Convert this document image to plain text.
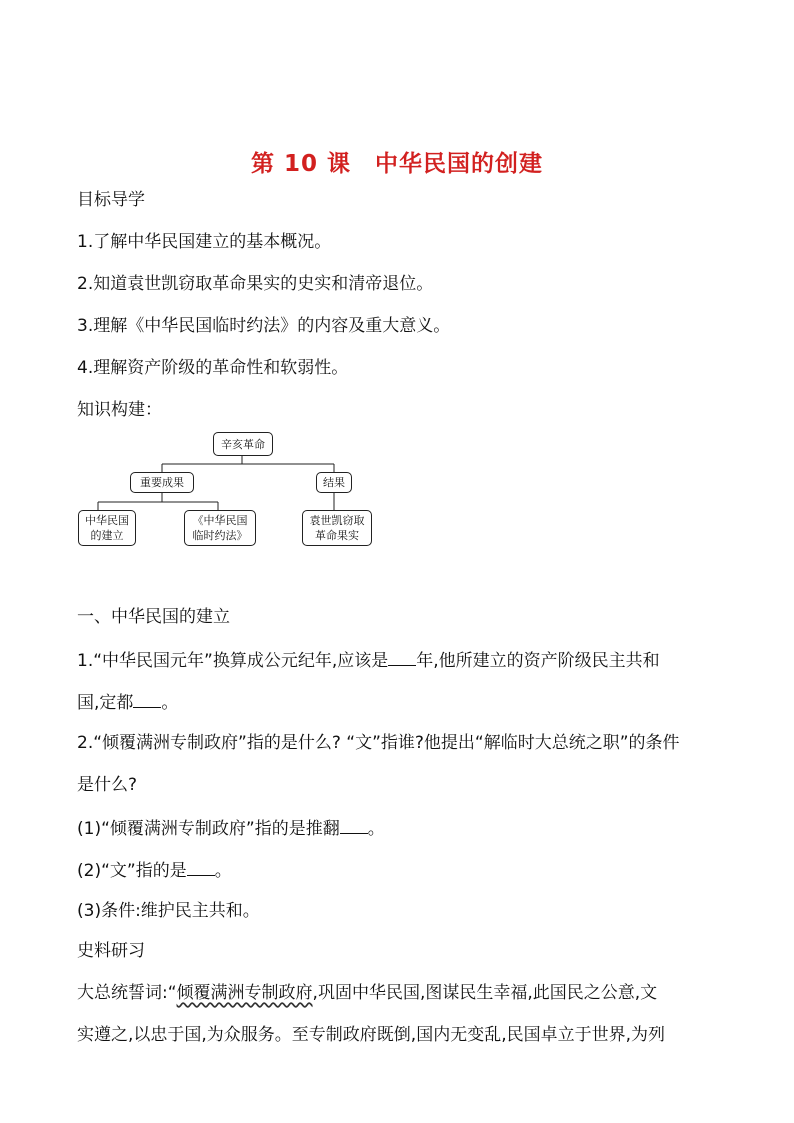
第 10 课　中华民国的创建
目标导学
1.了解中华民国建立的基本概况。
2.知道袁世凯窃取革命果实的史实和清帝退位。
3.理解《中华民国临时约法》的内容及重大意义。
4.理解资产阶级的革命性和软弱性。
知识构建：
辛亥革命
重要成果	结果
中华民国
的建立
《中华民国
临时约法》
袁世凯窃取
革命果实
一、中华民国的建立
1.“中华民国元年”换算成公元纪年,应该是 年,他所建立的资产阶级民主共和
国,定都 。
2.“倾覆满洲专制政府”指的是什么? “文”指谁?他提出“解临时大总统之职”的条件
是什么?
(1)“倾覆满洲专制政府”指的是推翻 。
(2)“文”指的是 。
(3)条件:维护民主共和。
史料研习
大总统誓词:“倾覆满洲专制政府,巩固中华民国,图谋民生幸福,此国民之公意,文
实遵之,以忠于国,为众服务。至专制政府既倒,国内无变乱,民国卓立于世界,为列
